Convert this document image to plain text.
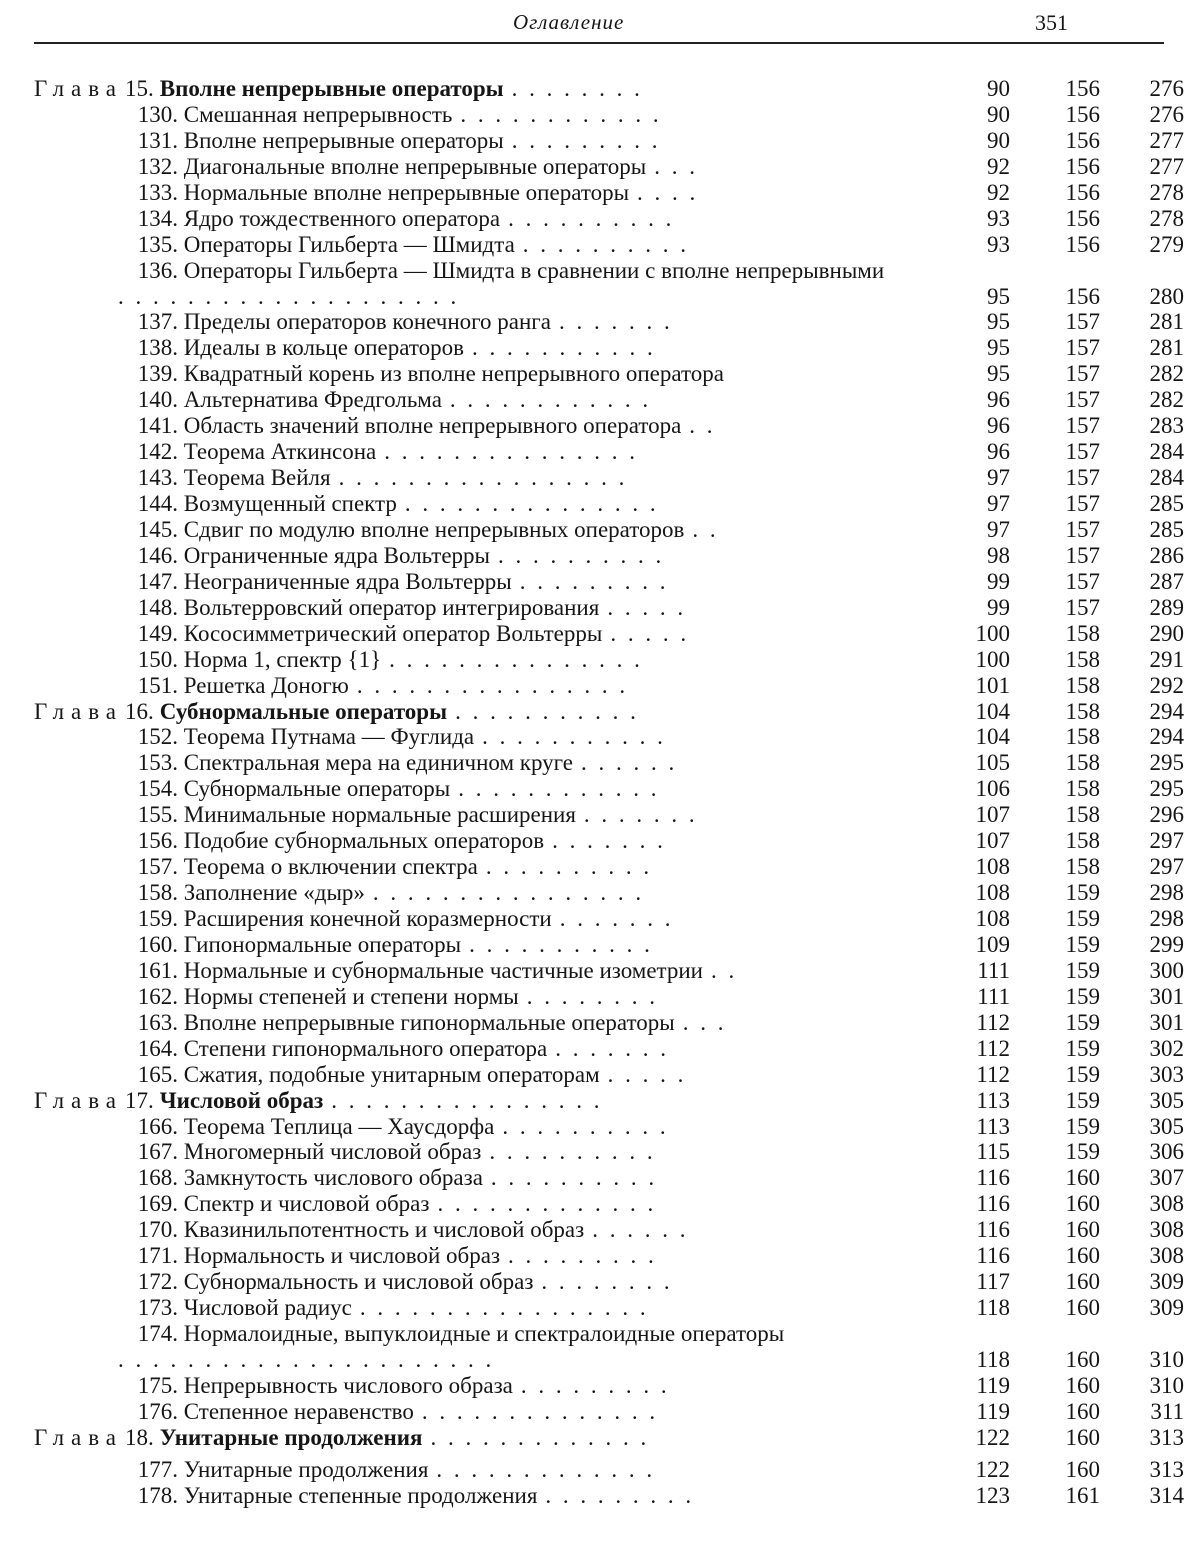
Оглавление	351
Глава15. Вполне непрерывные операторы. . . . . . . .	90	156	276
130. Смешанная непрерывность. . . . . . . . . . . .	90	156	276
131. Вполне непрерывные операторы. . . . . . . . .	90	156	277
132. Диагональные вполне непрерывные операторы. . .	92	156	277
133. Нормальные вполне непрерывные операторы. . . .	92	156	278
134. Ядро тождественного оператора. . . . . . . . . .	93	156	278
135. Операторы Гильберта — Шмидта. . . . . . . . . .	93	156	279
136. Операторы Гильберта — Шмидта в сравнении с вполне непрерывными. . . . . . . . . . . . . . . . . . . .	95	156	280
137. Пределы операторов конечного ранга. . . . . . .	95	157	281
138. Идеалы в кольце операторов. . . . . . . . . . .	95	157	281
139. Квадратный корень из вполне непрерывного оператора	95	157	282
140. Альтернатива Фредгольма. . . . . . . . . . . .	96	157	282
141. Область значений вполне непрерывного оператора. .	96	157	283
142. Теорема Аткинсона. . . . . . . . . . . . . . .	96	157	284
143. Теорема Вейля. . . . . . . . . . . . . . . . .	97	157	284
144. Возмущенный спектр. . . . . . . . . . . . . . .	97	157	285
145. Сдвиг по модулю вполне непрерывных операторов. .	97	157	285
146. Ограниченные ядра Вольтерры. . . . . . . . . .	98	157	286
147. Неограниченные ядра Вольтерры. . . . . . . . .	99	157	287
148. Вольтерровский оператор интегрирования. . . . .	99	157	289
149. Кососимметрический оператор Вольтерры. . . . .	100	158	290
150. Норма 1, спектр {1}. . . . . . . . . . . . . . .	100	158	291
151. Решетка Доногю. . . . . . . . . . . . . . . .	101	158	292
Глава16. Субнормальные операторы. . . . . . . . . . .	104	158	294
152. Теорема Путнама — Фуглида. . . . . . . . . . .	104	158	294
153. Спектральная мера на единичном круге. . . . . .	105	158	295
154. Субнормальные операторы. . . . . . . . . . . .	106	158	295
155. Минимальные нормальные расширения. . . . . . .	107	158	296
156. Подобие субнормальных операторов. . . . . . .	107	158	297
157. Теорема о включении спектра. . . . . . . . . .	108	158	297
158. Заполнение «дыр». . . . . . . . . . . . . . . .	108	159	298
159. Расширения конечной коразмерности. . . . . . .	108	159	298
160. Гипонормальные операторы. . . . . . . . . . .	109	159	299
161. Нормальные и субнормальные частичные изометрии. .	111	159	300
162. Нормы степеней и степени нормы. . . . . . . .	111	159	301
163. Вполне непрерывные гипонормальные операторы. . .	112	159	301
164. Степени гипонормального оператора. . . . . . .	112	159	302
165. Сжатия, подобные унитарным операторам. . . . .	112	159	303
Глава17. Числовой образ. . . . . . . . . . . . . . . .	113	159	305
166. Теорема Теплица — Хаусдорфа. . . . . . . . . .	113	159	305
167. Многомерный числовой образ. . . . . . . . . .	115	159	306
168. Замкнутость числового образа. . . . . . . . . .	116	160	307
169. Спектр и числовой образ. . . . . . . . . . . . .	116	160	308
170. Квазинильпотентность и числовой образ. . . . . .	116	160	308
171. Нормальность и числовой образ. . . . . . . . .	116	160	308
172. Субнормальность и числовой образ. . . . . . . .	117	160	309
173. Числовой радиус. . . . . . . . . . . . . . . . .	118	160	309
174. Нормалоидные, выпуклоидные и спектралоидные операторы. . . . . . . . . . . . . . . . . . . . . .	118	160	310
175. Непрерывность числового образа. . . . . . . . .	119	160	310
176. Степенное неравенство. . . . . . . . . . . . . .	119	160	311
Глава18. Унитарные продолжения. . . . . . . . . . . . .	122	160	313
177. Унитарные продолжения. . . . . . . . . . . . .	122	160	313
178. Унитарные степенные продолжения. . . . . . . . .	123	161	314
